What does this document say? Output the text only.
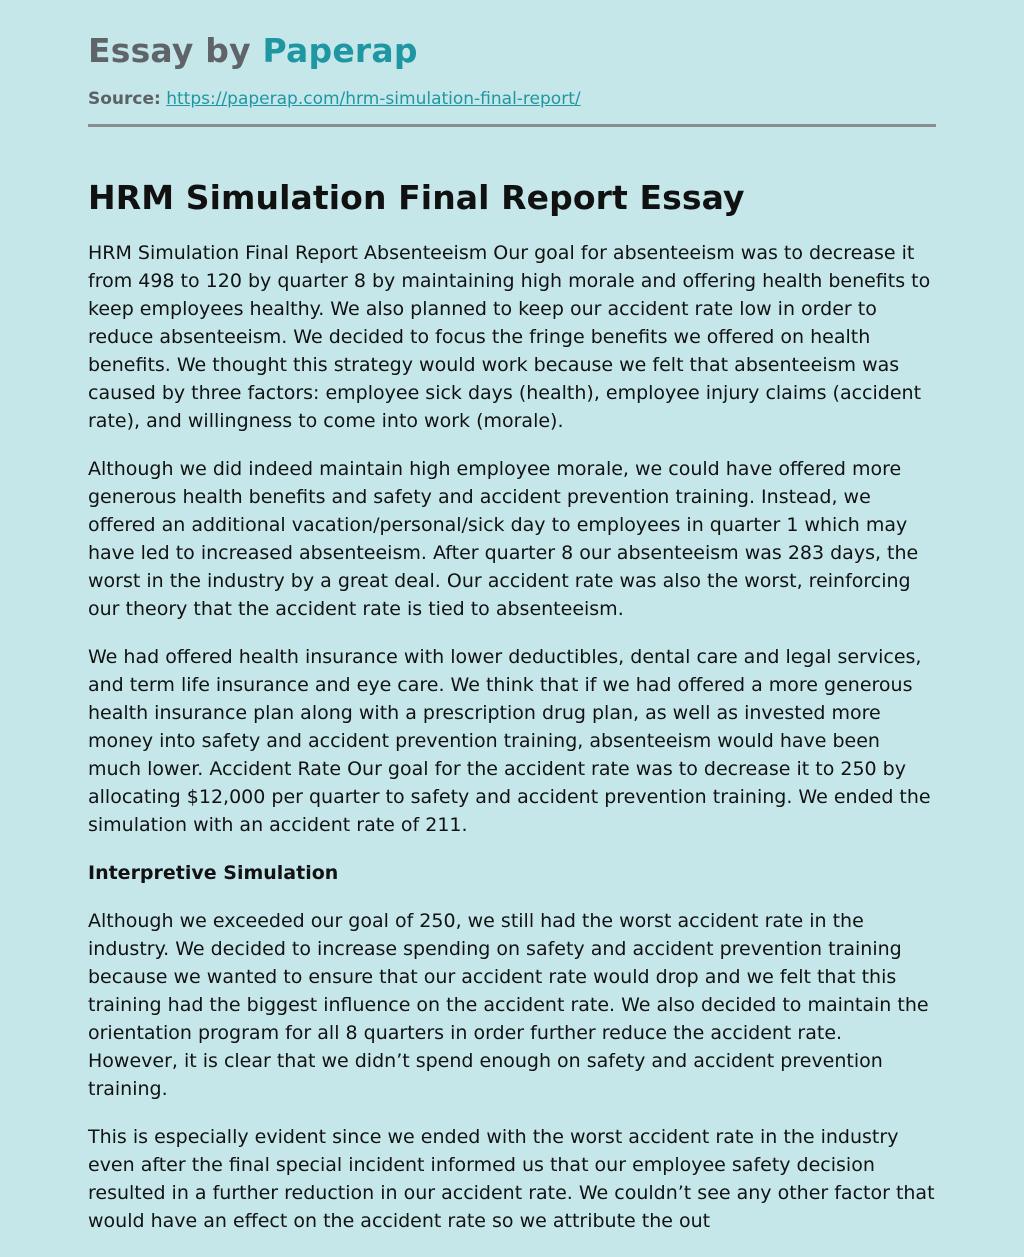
Essay by Paperap
Source: https://paperap.com/hrm-simulation-final-report/
HRM Simulation Final Report Essay

HRM Simulation Final Report Absenteeism Our goal for absenteeism was to decrease it from 498 to 120 by quarter 8 by maintaining high morale and offering health benefits to keep employees healthy. We also planned to keep our accident rate low in order to reduce absenteeism. We decided to focus the fringe benefits we offered on health benefits. We thought this strategy would work because we felt that absenteeism was caused by three factors: employee sick days (health), employee injury claims (accident rate), and willingness to come into work (morale).

Although we did indeed maintain high employee morale, we could have offered more generous health benefits and safety and accident prevention training. Instead, we offered an additional vacation/personal/sick day to employees in quarter 1 which may have led to increased absenteeism. After quarter 8 our absenteeism was 283 days, the worst in the industry by a great deal. Our accident rate was also the worst, reinforcing our theory that the accident rate is tied to absenteeism.

We had offered health insurance with lower deductibles, dental care and legal services, and term life insurance and eye care. We think that if we had offered a more generous health insurance plan along with a prescription drug plan, as well as invested more money into safety and accident prevention training, absenteeism would have been much lower. Accident Rate Our goal for the accident rate was to decrease it to 250 by allocating $12,000 per quarter to safety and accident prevention training. We ended the simulation with an accident rate of 211.

Interpretive Simulation

Although we exceeded our goal of 250, we still had the worst accident rate in the industry. We decided to increase spending on safety and accident prevention training because we wanted to ensure that our accident rate would drop and we felt that this training had the biggest influence on the accident rate. We also decided to maintain the orientation program for all 8 quarters in order further reduce the accident rate. However, it is clear that we didn’t spend enough on safety and accident prevention training.

This is especially evident since we ended with the worst accident rate in the industry even after the final special incident informed us that our employee safety decision resulted in a further reduction in our accident rate. We couldn’t see any other factor that would have an effect on the accident rate so we attribute the out
